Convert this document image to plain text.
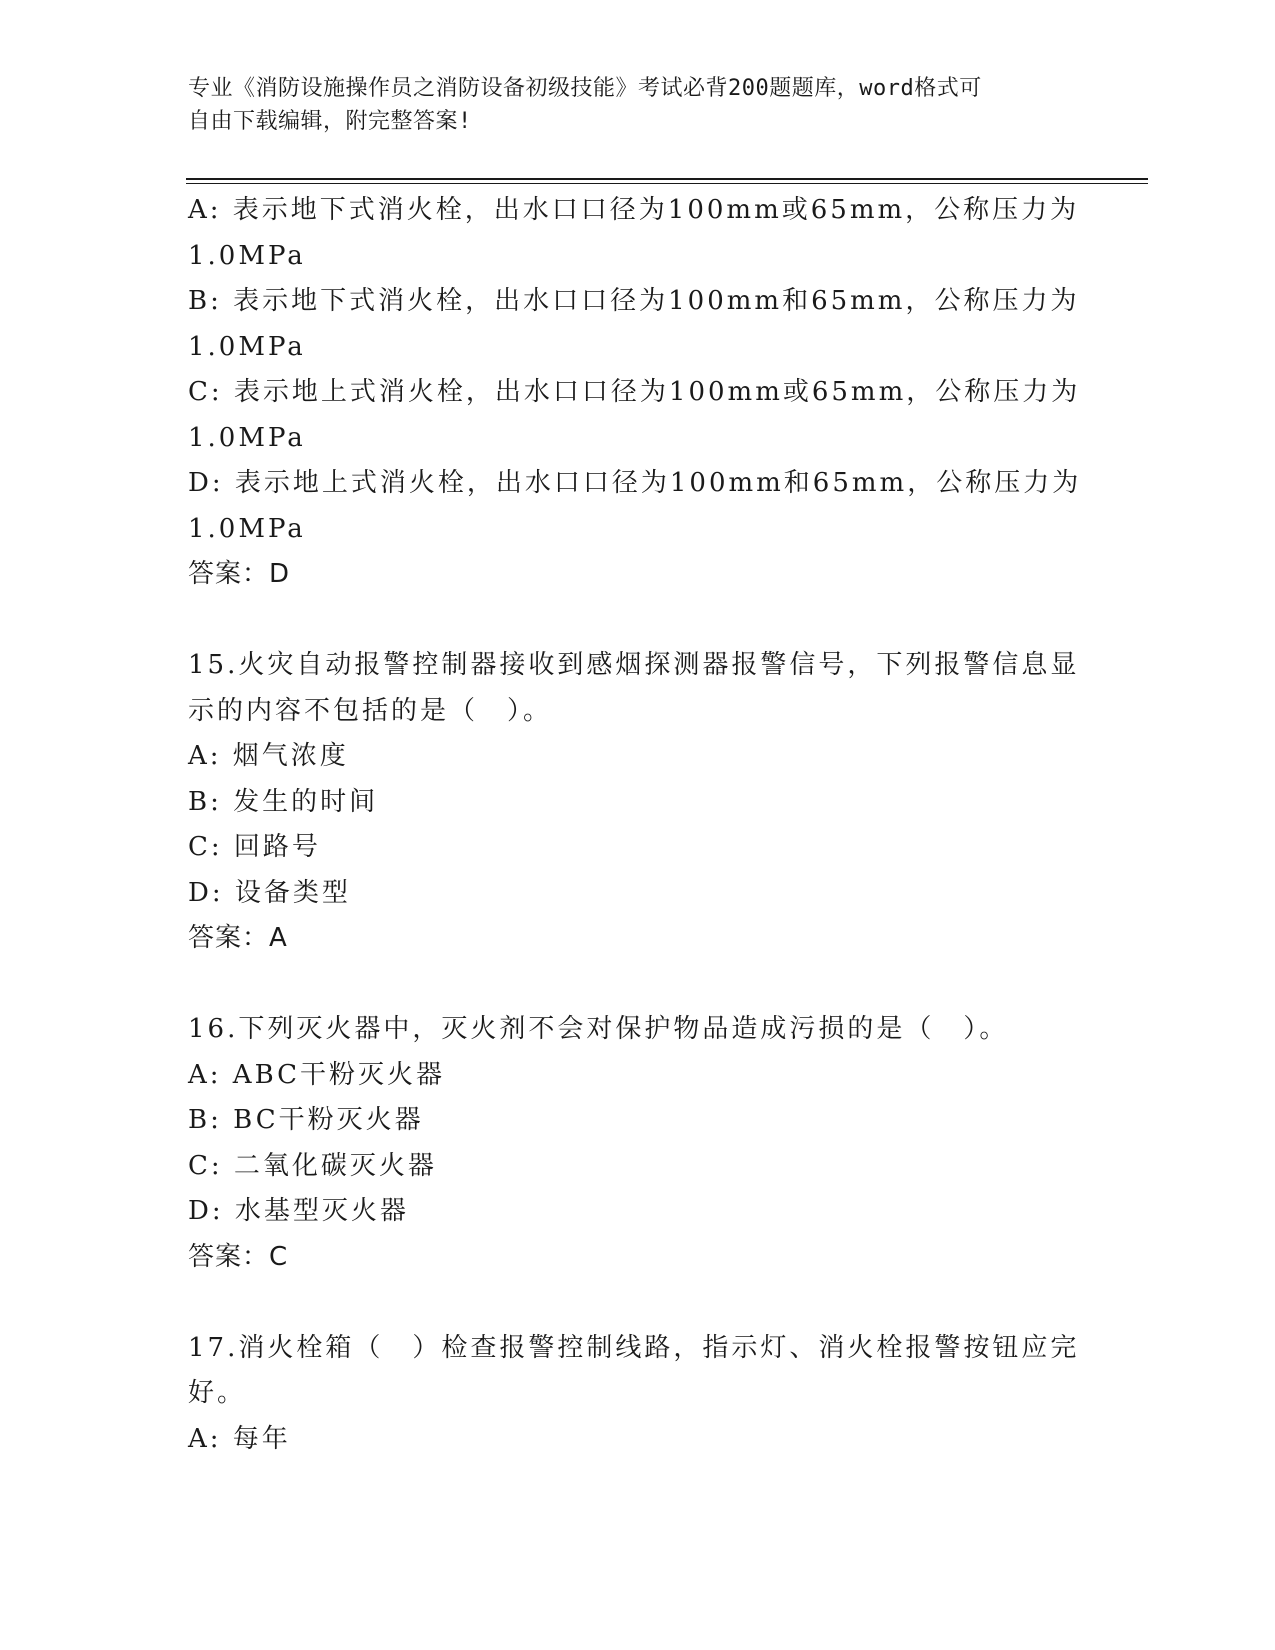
专业《消防设施操作员之消防设备初级技能》考试必背200题题库，word格式可
自由下载编辑，附完整答案!
A: 表示地下式消火栓，出水口口径为100mm或65mm，公称压力为
1.0MPa
B: 表示地下式消火栓，出水口口径为100mm和65mm，公称压力为
1.0MPa
C: 表示地上式消火栓，出水口口径为100mm或65mm，公称压力为
1.0MPa
D: 表示地上式消火栓，出水口口径为100mm和65mm，公称压力为
1.0MPa
答案：D
15.火灾自动报警控制器接收到感烟探测器报警信号，下列报警信息显
示的内容不包括的是（　）。
A: 烟气浓度
B: 发生的时间
C: 回路号
D: 设备类型
答案：A
16.下列灭火器中，灭火剂不会对保护物品造成污损的是（　）。
A: ABC干粉灭火器
B: BC干粉灭火器
C: 二氧化碳灭火器
D: 水基型灭火器
答案：C
17.消火栓箱（　）检查报警控制线路，指示灯、消火栓报警按钮应完
好。
A: 每年
